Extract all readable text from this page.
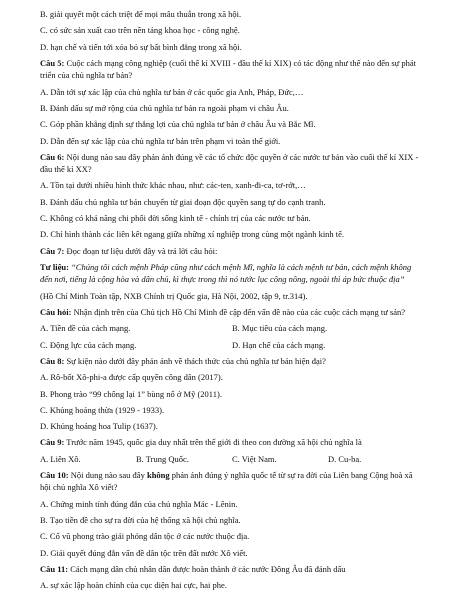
B. giải quyết một cách triệt để mọi mâu thuẫn trong xã hội.

C. có sức sản xuất cao trên nền tảng khoa học - công nghệ.

D. hạn chế và tiến tới xóa bỏ sự bất bình đẳng trong xã hội.

Câu 5: Cuộc cách mạng công nghiệp (cuối thế kỉ XVIII - đầu thế kỉ XIX) có tác động như thế nào đến sự phát triển của chủ nghĩa tư bản?

A. Dẫn tới sự xác lập của chủ nghĩa tư bản ở các quốc gia Anh, Pháp, Đức,…

B. Đánh dấu sự mở rộng của chủ nghĩa tư bản ra ngoài phạm vi châu Âu.

C. Góp phần khẳng định sự thắng lợi của chủ nghĩa tư bản ở châu Âu và Bắc Mĩ.

D. Dẫn đến sự xác lập của chủ nghĩa tư bản trên phạm vi toàn thế giới.

Câu 6: Nội dung nào sau đây phản ánh đúng về các tổ chức độc quyền ở các nước tư bản vào cuối thế kỉ XIX - đầu thế kỉ XX?

A. Tồn tại dưới nhiều hình thức khác nhau, như: các-ten, xanh-đi-ca, tơ-rớt,…

B. Đánh dấu chủ nghĩa tư bản chuyển từ giai đoạn độc quyền sang tự do cạnh tranh.

C. Không có khả năng chi phối đời sống kinh tế - chính trị của các nước tư bản.

D. Chỉ hình thành các liên kết ngang giữa những xí nghiệp trong cùng một ngành kinh tế.

Câu 7: Đọc đoạn tư liệu dưới đây và trả lời câu hỏi:

Tư liệu: “Chúng tôi cách mệnh Pháp cũng như cách mệnh Mĩ, nghĩa là cách mệnh tư bản, cách mệnh không đến nơi, tiếng là cộng hòa và dân chủ, kì thực trong thì nó tước lục công nông, ngoài thì áp bức thuộc địa”

(Hồ Chí Minh Toàn tập, NXB Chính trị Quốc gia, Hà Nội, 2002, tập 9, tr.314).

Câu hỏi: Nhận định trên của Chủ tịch Hồ Chí Minh đề cập đến vấn đề nào của các cuộc cách mạng tư sản?

A. Tiền đề của cách mạng.	B. Mục tiêu của cách mạng.
C. Động lực của cách mạng.	D. Hạn chế của cách mạng.

Câu 8: Sự kiện nào dưới đây phản ánh về thách thức của chủ nghĩa tư bản hiện đại?

A. Rô-bốt Xô-phi-a được cấp quyền công dân (2017).

B. Phong trào “99 chống lại 1” bùng nổ ở Mỹ (2011).

C. Khủng hoảng thừa (1929 - 1933).

D. Khủng hoảng hoa Tulip (1637).

Câu 9: Trước năm 1945, quốc gia duy nhất trên thế giới đi theo con đường xã hội chủ nghĩa là

A. Liên Xô.	B. Trung Quốc.	C. Việt Nam.	D. Cu-ba.

Câu 10: Nội dung nào sau đây không phản ánh đúng ý nghĩa quốc tế từ sự ra đời của Liên bang Cộng hoà xã hội chủ nghĩa Xô viết?

A. Chứng minh tính đúng đắn của chủ nghĩa Mác - Lênin.

B. Tạo tiền đề cho sự ra đời của hệ thống xã hội chủ nghĩa.

C. Cổ vũ phong trào giải phóng dân tộc ở các nước thuộc địa.

D. Giải quyết đúng đắn vấn đề dân tộc trên đất nước Xô viết.

Câu 11: Cách mạng dân chủ nhân dân được hoàn thành ở các nước Đông Âu đã đánh dấu

A. sự xác lập hoàn chỉnh của cục diện hai cực, hai phe.
